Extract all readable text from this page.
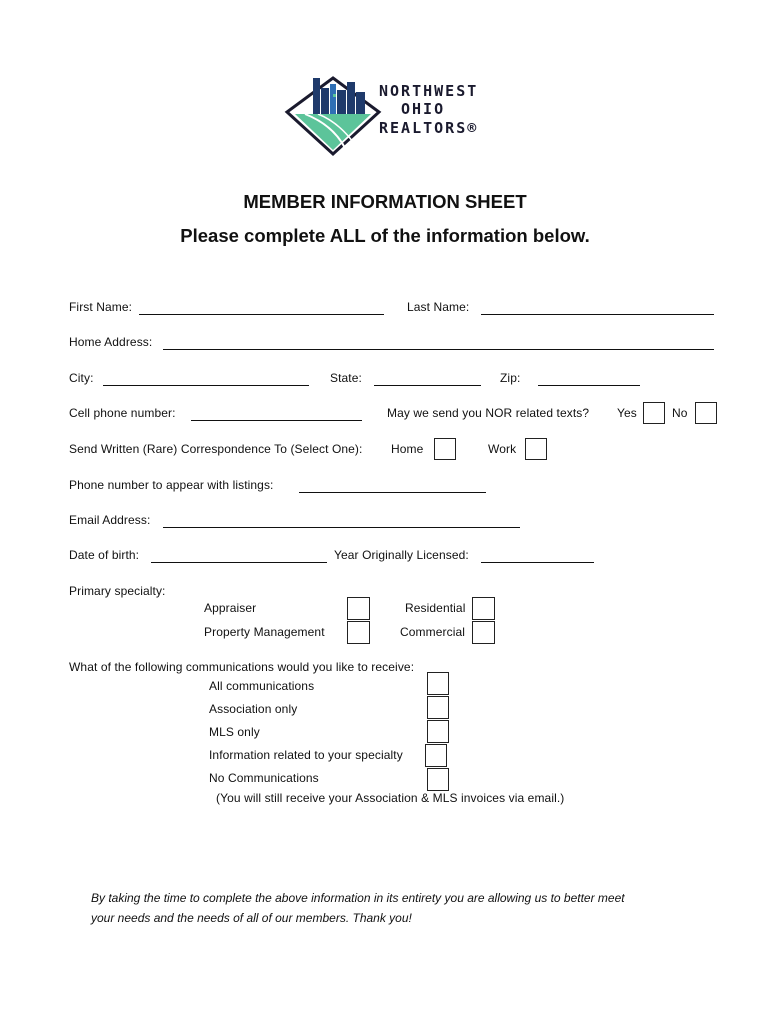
NORTHWEST
OHIO
REALTORS®
MEMBER INFORMATION SHEET
Please complete ALL of the information below.
First Name:	Last Name:
Home Address:
City:	State:	Zip:
Cell phone number:	May we send you NOR related texts? Yes	No
Send Written (Rare) Correspondence To (Select One): Home	Work
Phone number to appear with listings:
Email Address:
Date of birth:	Year Originally Licensed:
Primary specialty:
Appraiser	Residential
Property Management	Commercial
What of the following communications would you like to receive:
All communications
Association only
MLS only
Information related to your specialty
No Communications
(You will still receive your Association & MLS invoices via email.)
By taking the time to complete the above information in its entirety you are allowing us to better meet
your needs and the needs of all of our members. Thank you!
